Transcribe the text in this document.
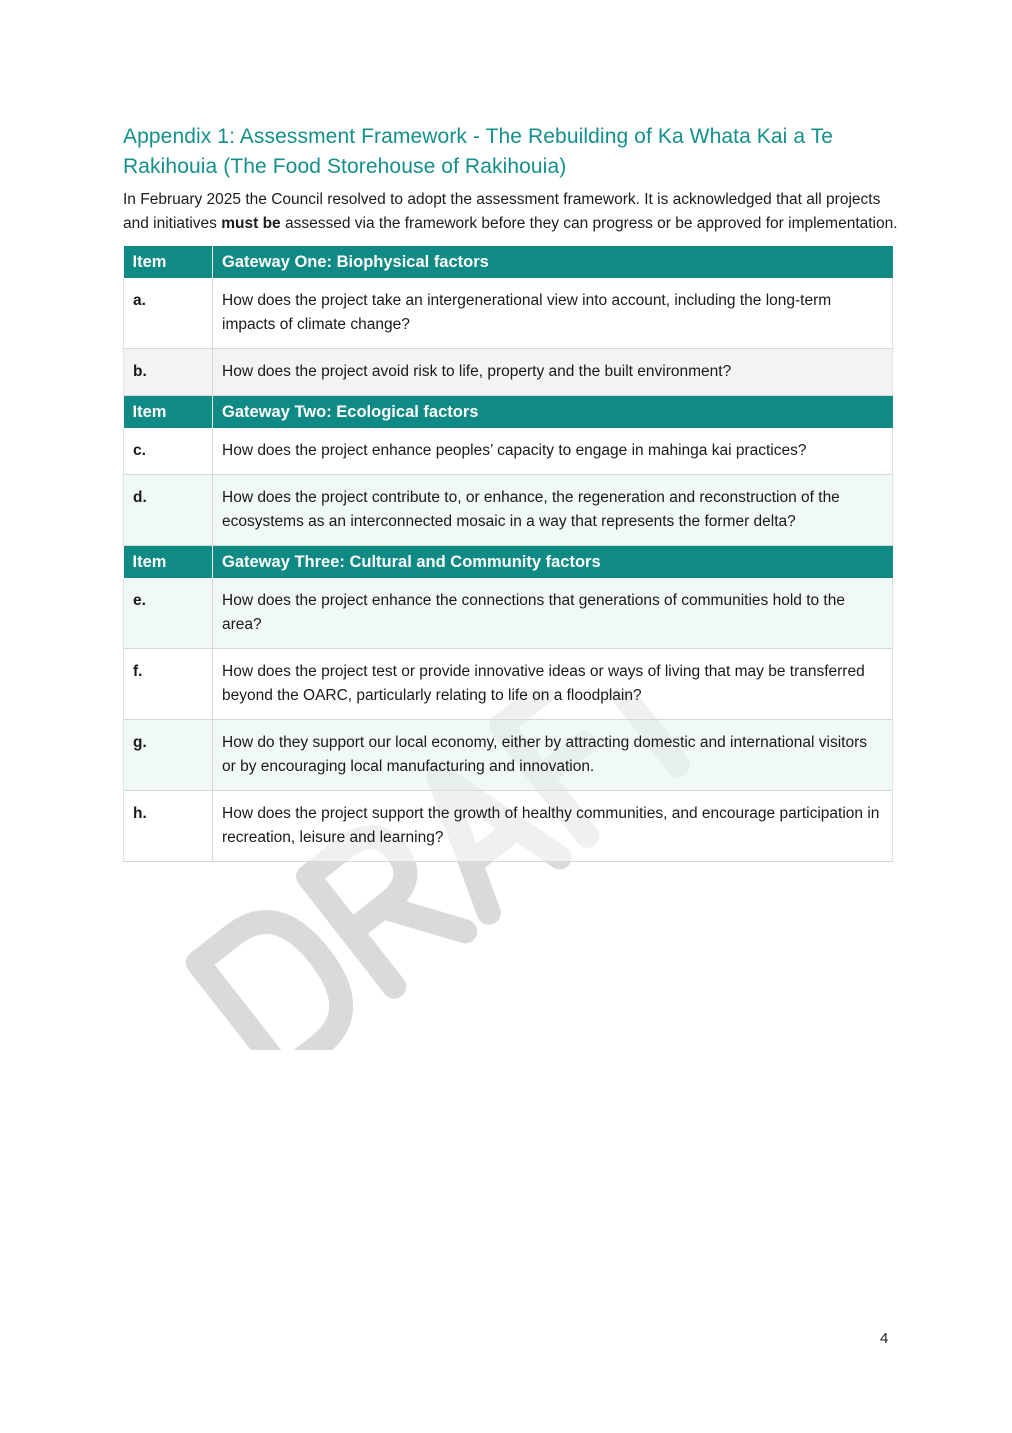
Appendix 1: Assessment Framework - The Rebuilding of Ka Whata Kai a Te Rakihouia (The Food Storehouse of Rakihouia)

In February 2025 the Council resolved to adopt the assessment framework. It is acknowledged that all projects and initiatives must be assessed via the framework before they can progress or be approved for implementation.

Item	Gateway One: Biophysical factors
a.	How does the project take an intergenerational view into account, including the long-term impacts of climate change?
b.	How does the project avoid risk to life, property and the built environment?
Item	Gateway Two: Ecological factors
c.	How does the project enhance peoples’ capacity to engage in mahinga kai practices?
d.	How does the project contribute to, or enhance, the regeneration and reconstruction of the ecosystems as an interconnected mosaic in a way that represents the former delta?
Item	Gateway Three: Cultural and Community factors
e.	How does the project enhance the connections that generations of communities hold to the area?
f.	How does the project test or provide innovative ideas or ways of living that may be transferred beyond the OARC, particularly relating to life on a floodplain?
g.	How do they support our local economy, either by attracting domestic and international visitors or by encouraging local manufacturing and innovation.
h.	How does the project support the growth of healthy communities, and encourage participation in recreation, leisure and learning?
4
